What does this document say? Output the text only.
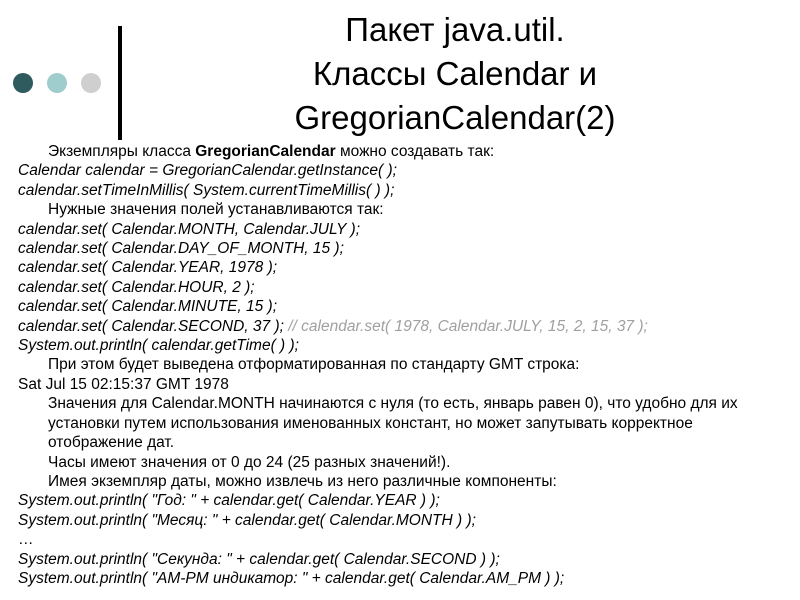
Пакет java.util.
Классы Calendar и
GregorianCalendar(2)

Экземпляры класса GregorianCalendar можно создавать так:

Calendar calendar = GregorianCalendar.getInstance( );

calendar.setTimeInMillis( System.currentTimeMillis( ) );

Нужные значения полей устанавливаются так:

calendar.set( Calendar.MONTH, Calendar.JULY );

calendar.set( Calendar.DAY_OF_MONTH, 15 );

calendar.set( Calendar.YEAR, 1978 );

calendar.set( Calendar.HOUR, 2 );

calendar.set( Calendar.MINUTE, 15 );

calendar.set( Calendar.SECOND, 37 ); // calendar.set( 1978, Calendar.JULY, 15, 2, 15, 37 );

System.out.println( calendar.getTime( ) );

При этом будет выведена отформатированная по стандарту GMT строка:

Sat Jul 15 02:15:37 GMT 1978

Значения для Calendar.MONTH начинаются с нуля (то есть, январь равен 0), что удобно для их установки путем использования именованных констант, но может запутывать корректное отображение дат.

Часы имеют значения от 0 до 24 (25 разных значений!).

Имея экземпляр даты, можно извлечь из него различные компоненты:

System.out.println( "Год: " + calendar.get( Calendar.YEAR ) );

System.out.println( "Месяц: " + calendar.get( Calendar.MONTH ) );

…

System.out.println( "Секунда: " + calendar.get( Calendar.SECOND ) );

System.out.println( "AM-PM индикатор: " + calendar.get( Calendar.AM_PM ) );
